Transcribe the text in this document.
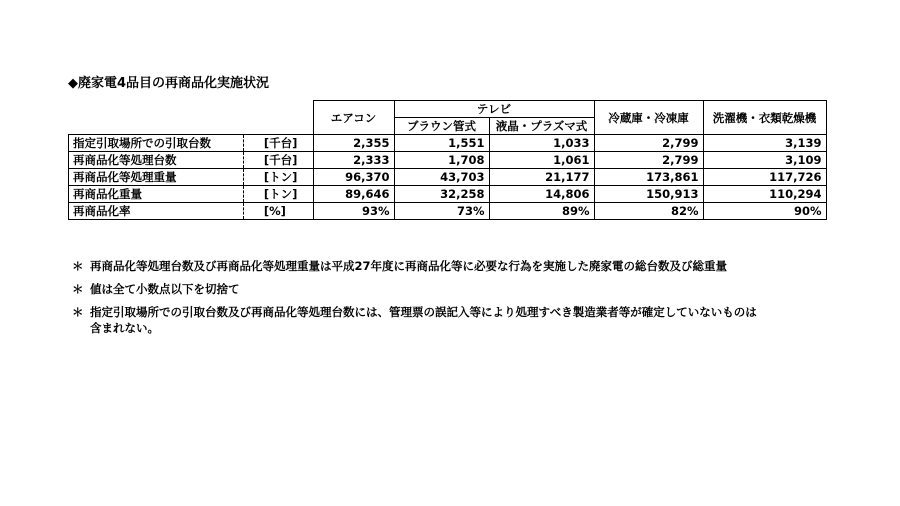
◆廃家電4品目の再商品化実施状況
		エアコン	テレビ		冷蔵庫・冷凍庫	洗濯機・衣類乾燥機
			ブラウン管式	液晶・プラズマ式		
指定引取場所での引取台数	[千台]	2,355	1,551	1,033	2,799	3,139
再商品化等処理台数	[千台]	2,333	1,708	1,061	2,799	3,109
再商品化等処理重量	[トン]	96,370	43,703	21,177	173,861	117,726
再商品化重量	[トン]	89,646	32,258	14,806	150,913	110,294
再商品化率	[%]	93%	73%	89%	82%	90%
＊ 再商品化等処理台数及び再商品化等処理重量は平成27年度に再商品化等に必要な行為を実施した廃家電の総台数及び総重量
＊ 値は全て小数点以下を切捨て
＊ 指定引取場所での引取台数及び再商品化等処理台数には、管理票の誤記入等により処理すべき製造業者等が確定していないものは
含まれない。
